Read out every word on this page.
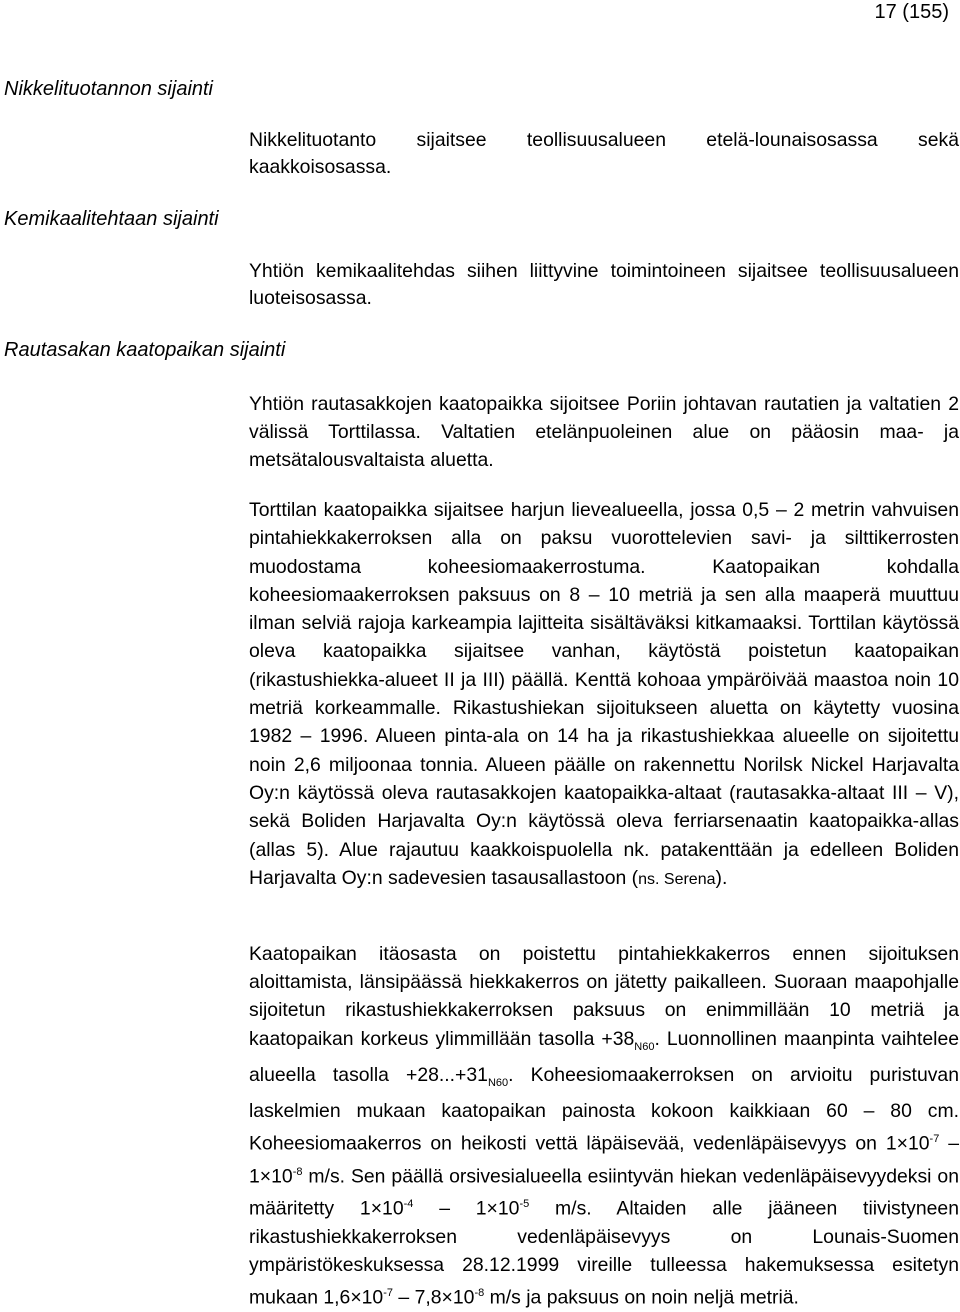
17 (155)
Nikkelituotannon sijainti
Kemikaalitehtaan sijainti
Rautasakan kaatopaikan sijainti

Nikkelituotanto sijaitsee teollisuusalueen etelä-lounaisosassa sekä kaakkoisosassa.

Yhtiön kemikaalitehdas siihen liittyvine toimintoineen sijaitsee teollisuusalueen luoteisosassa.

Yhtiön rautasakkojen kaatopaikka sijoitsee Poriin johtavan rautatien ja valtatien 2 välissä Torttilassa. Valtatien etelänpuoleinen alue on pääosin maa- ja metsätalousvaltaista aluetta.

Torttilan kaatopaikka sijaitsee harjun lievealueella, jossa 0,5 – 2 metrin vahvuisen pintahiekkakerroksen alla on paksu vuorottelevien savi- ja silttikerrosten muodostama koheesiomaakerrostuma. Kaatopaikan kohdalla koheesiomaakerroksen paksuus on 8 – 10 metriä ja sen alla maaperä muuttuu ilman selviä rajoja karkeampia lajitteita sisältäväksi kitkamaaksi. Torttilan käytössä oleva kaatopaikka sijaitsee vanhan, käytöstä poistetun kaatopaikan (rikastushiekka-alueet II ja III) päällä. Kenttä kohoaa ympäröivää maastoa noin 10 metriä korkeammalle. Rikastushiekan sijoitukseen aluetta on käytetty vuosina 1982 – 1996. Alueen pinta-ala on 14 ha ja rikastushiekkaa alueelle on sijoitettu noin 2,6 miljoonaa tonnia. Alueen päälle on rakennettu Norilsk Nickel Harjavalta Oy:n käytössä oleva rautasakkojen kaatopaikka-altaat (rautasakka-altaat III – V), sekä Boliden Harjavalta Oy:n käytössä oleva ferriarsenaatin kaatopaikka-allas (allas 5). Alue rajautuu kaakkoispuolella nk. patakenttään ja edelleen Boliden Harjavalta Oy:n sadevesien tasausallastoon (ns. Serena).

Kaatopaikan itäosasta on poistettu pintahiekkakerros ennen sijoituksen aloittamista, länsipäässä hiekkakerros on jätetty paikalleen. Suoraan maapohjalle sijoitetun rikastushiekkakerroksen paksuus on enimmillään 10 metriä ja kaatopaikan korkeus ylimmillään tasolla $+38_{N60}$. Luonnollinen maanpinta vaihtelee alueella tasolla $+28...+31_{N60}$. Koheesiomaakerroksen on arvioitu puristuvan laskelmien mukaan kaatopaikan painosta kokoon kaikkiaan 60 – 80 cm. Koheesiomaakerros on heikosti vettä läpäisevää, vedenläpäisevyys on $1\times 10^{-7} - 1\times 10^{-8}$ m/s. Sen päällä orsivesialueella esiintyvän hiekan vedenläpäisevyydeksi on määritetty $1\times 10^{-4} - 1\times 10^{-5}$ m/s. Altaiden alle jääneen tiivistyneen rikastushiekkakerroksen vedenläpäisevyys on Lounais-Suomen ympäristökeskuksessa 28.12.1999 vireille tulleessa hakemuksessa esitetyn mukaan $1,6\times 10^{-7} - 7,8\times 10^{-8}$ m/s ja paksuus on noin neljä metriä.
